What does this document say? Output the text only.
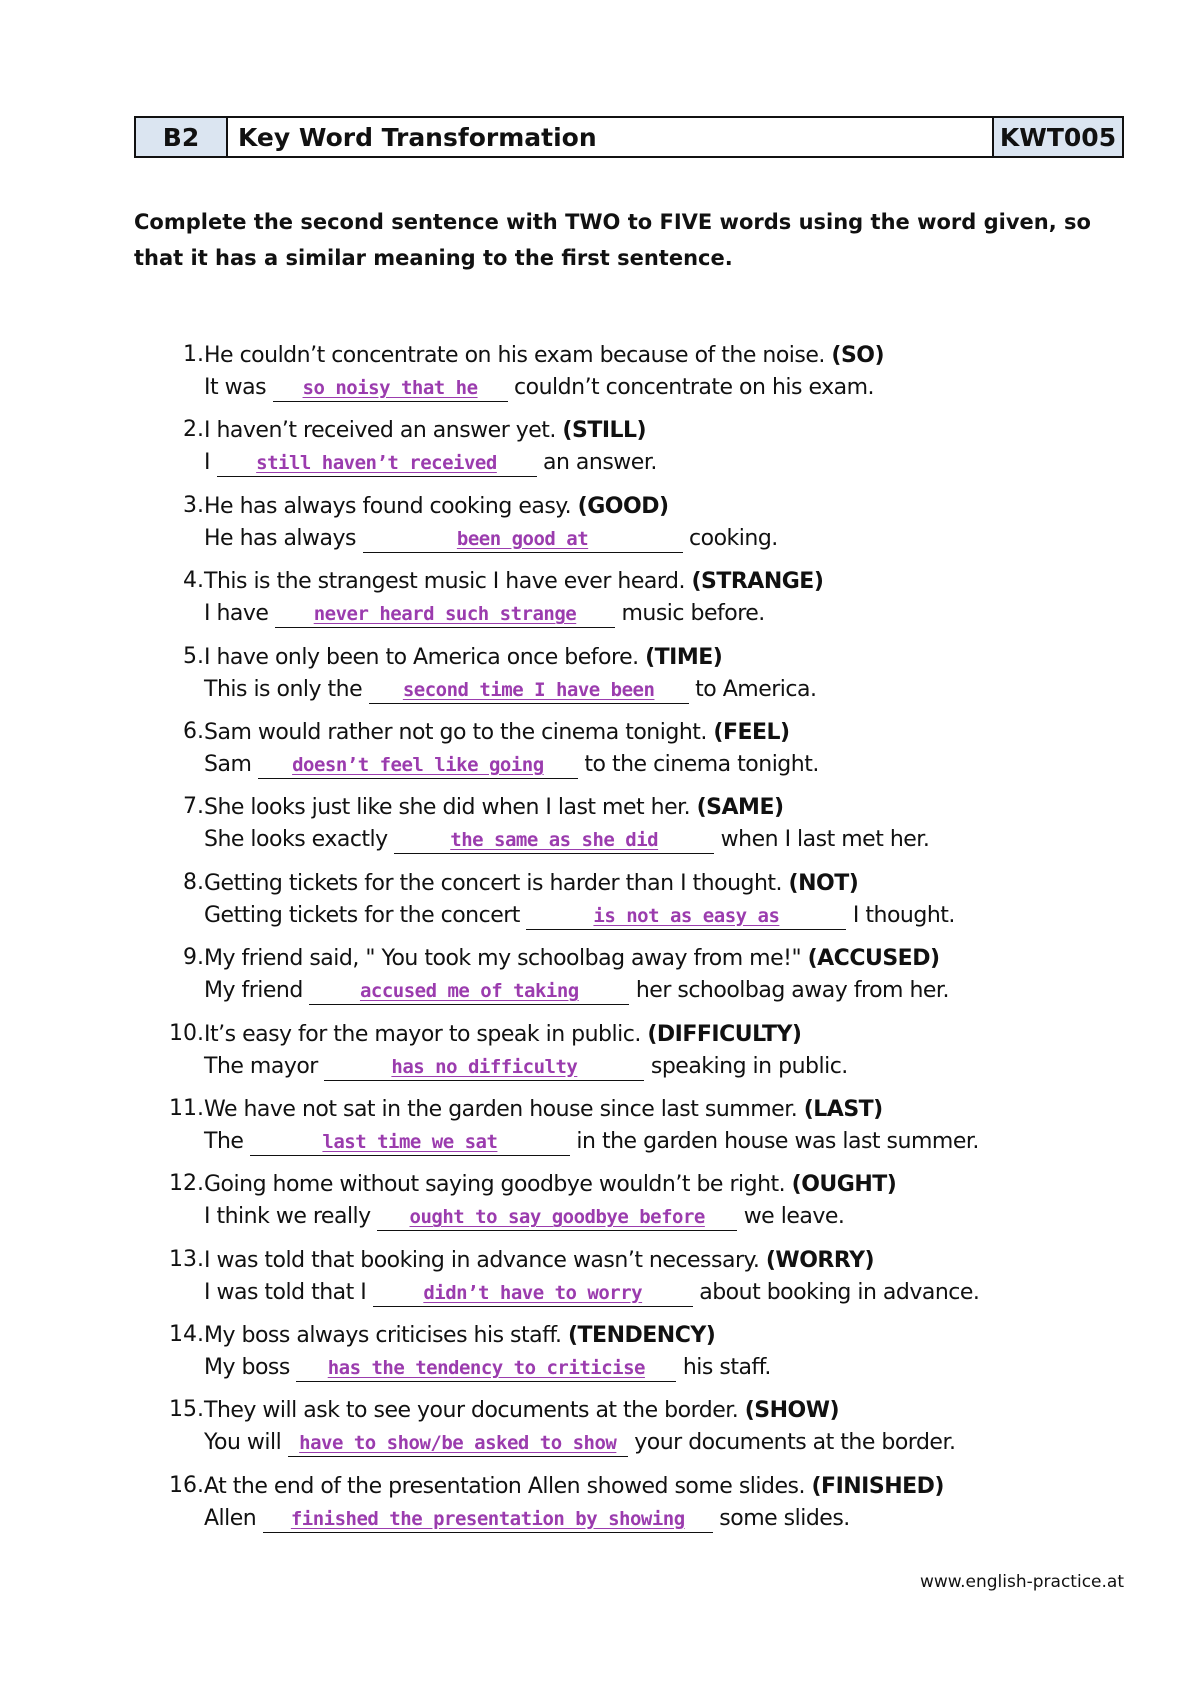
B2	Key Word Transformation	KWT005
Complete the second sentence with TWO to FIVE words using the word given, so that it has a similar meaning to the first sentence.
1. He couldn’t concentrate on his exam because of the noise. (SO)
It was so noisy that he couldn’t concentrate on his exam.
2. I haven’t received an answer yet. (STILL)
I still haven’t received an answer.
3. He has always found cooking easy. (GOOD)
He has always	been good at	cooking.
4. This is the strangest music I have ever heard. (STRANGE)
I have never heard such strange music before.
5. I have only been to America once before. (TIME)
This is only the second time I have been to America.
6. Sam would rather not go to the cinema tonight. (FEEL)
Sam doesn’t feel like going to the cinema tonight.
7. She looks just like she did when I last met her. (SAME)
She looks exactly	the same as she did	when I last met her.
8. Getting tickets for the concert is harder than I thought. (NOT)
Getting tickets for the concert	is not as easy as	I thought.
9. My friend said, " You took my schoolbag away from me!" (ACCUSED)
My friend	accused me of taking	her schoolbag away from her.
10. It’s easy for the mayor to speak in public. (DIFFICULTY)
The mayor	has no difficulty	speaking in public.
11. We have not sat in the garden house since last summer. (LAST)
The	last time we sat	in the garden house was last summer.
12. Going home without saying goodbye wouldn’t be right. (OUGHT)
I think we really ought to say goodbye before we leave.
13. I was told that booking in advance wasn’t necessary. (WORRY)
I was told that I	didn’t have to worry	about booking in advance.
14. My boss always criticises his staff. (TENDENCY)
My boss has the tendency to criticise his staff.
15. They will ask to see your documents at the border. (SHOW)
You will have to show/be asked to show your documents at the border.
16. At the end of the presentation Allen showed some slides. (FINISHED)
Allen finished the presentation by showing some slides.
www.english-practice.at
